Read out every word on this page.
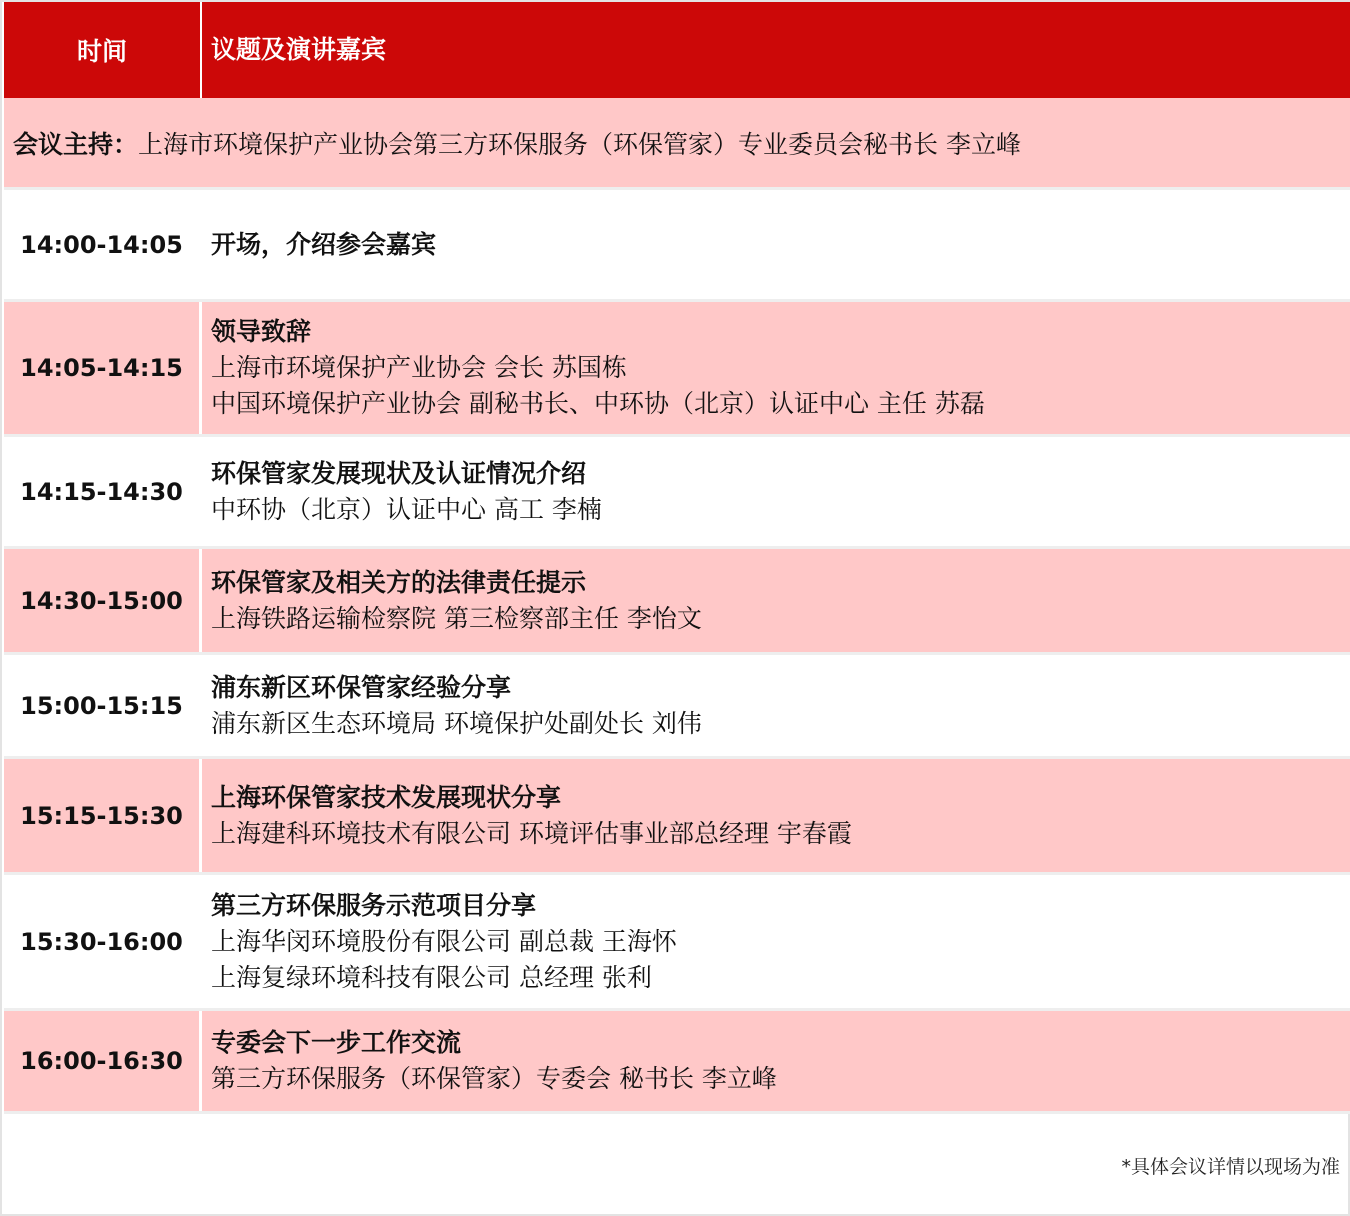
时间	议题及演讲嘉宾
会议主持： 上海市环境保护产业协会第三方环保服务（环保管家）专业委员会秘书长 李立峰
14:00-14:05	开场，介绍参会嘉宾
14:05-14:15
领导致辞
上海市环境保护产业协会 会长 苏国栋
中国环境保护产业协会 副秘书长、中环协（北京）认证中心 主任 苏磊
14:15-14:30
环保管家发展现状及认证情况介绍
中环协（北京）认证中心 高工 李楠
14:30-15:00
环保管家及相关方的法律责任提示
上海铁路运输检察院 第三检察部主任 李怡文
15:00-15:15
浦东新区环保管家经验分享
浦东新区生态环境局 环境保护处副处长 刘伟
15:15-15:30
上海环保管家技术发展现状分享
上海建科环境技术有限公司 环境评估事业部总经理 宇春霞
15:30-16:00
第三方环保服务示范项目分享
上海华闵环境股份有限公司 副总裁 王海怀
上海复绿环境科技有限公司 总经理 张利
16:00-16:30
专委会下一步工作交流
第三方环保服务（环保管家）专委会 秘书长 李立峰
*具体会议详情以现场为准
